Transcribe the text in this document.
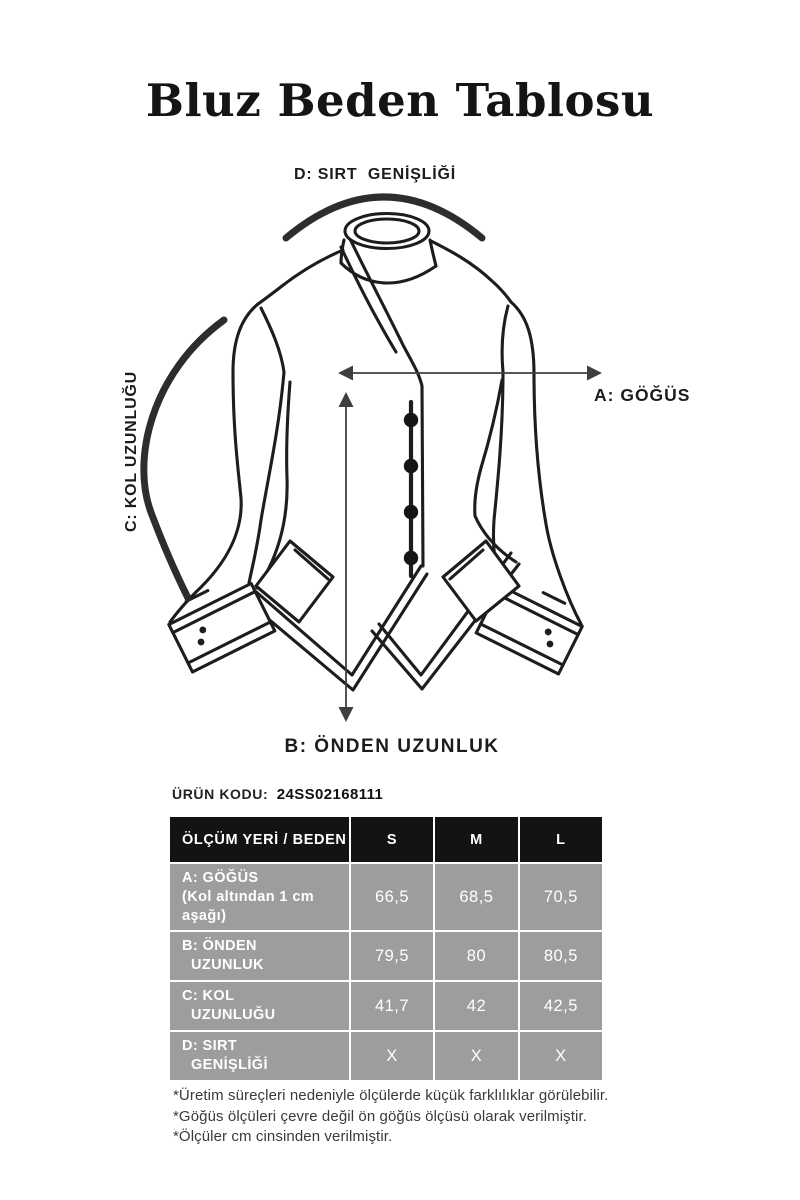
Bluz Beden Tablosu
D: SIRT  GENİŞLİĞİ
C: KOL UZUNLUĞU	A: GÖĞÜS
B: ÖNDEN UZUNLUK
ÜRÜN KODU: 24SS02168111
ÖLÇÜM YERİ / BEDEN	S	M	L

A: GÖĞÜS
(Kol altından 1 cm aşağı)	66,5	68,5	70,5

B: ÖNDEN
UZUNLUK	79,5	80	80,5

C: KOL
UZUNLUĞU	41,7	42	42,5

D: SIRT
GENİŞLİĞİ	X	X	X
*Üretim süreçleri nedeniyle ölçülerde küçük farklılıklar görülebilir.
*Göğüs ölçüleri çevre değil ön göğüs ölçüsü olarak verilmiştir.
*Ölçüler cm cinsinden verilmiştir.
